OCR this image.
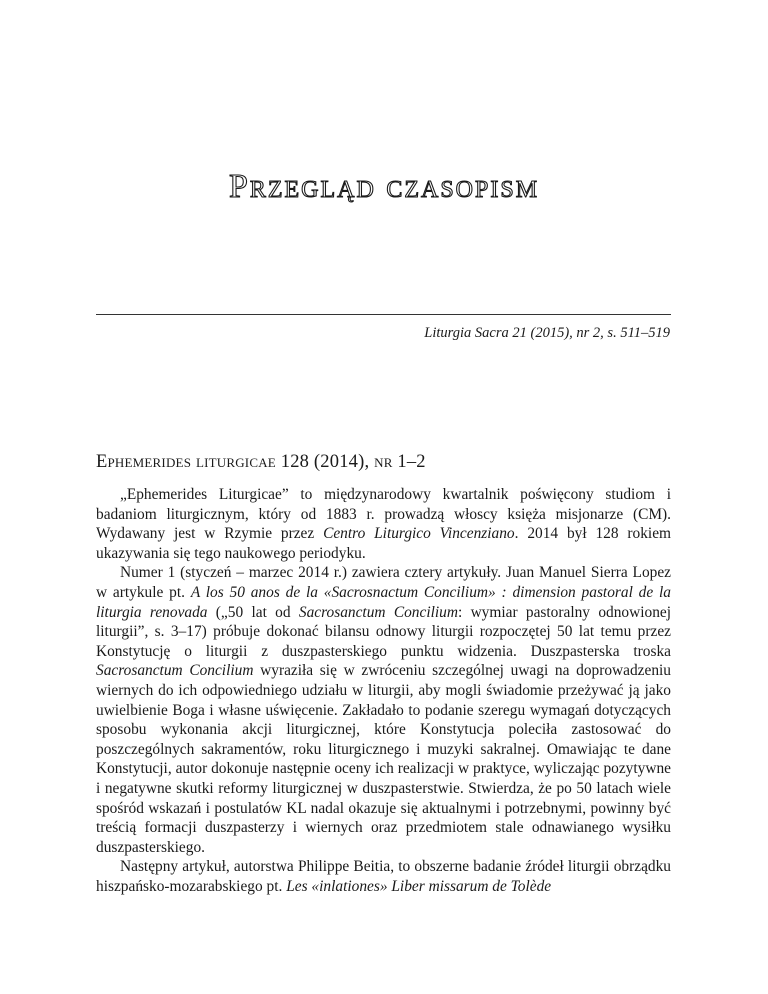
Przegląd czasopism
Liturgia Sacra 21 (2015), nr 2, s. 511–519
Ephemerides liturgicae 128 (2014), nr 1–2

„Ephemerides Liturgicae” to międzynarodowy kwartalnik poświęcony studiom i badaniom liturgicznym, który od 1883 r. prowadzą włoscy księża misjonarze (CM). Wydawany jest w Rzymie przez Centro Liturgico Vincenziano. 2014 był 128 rokiem ukazywania się tego naukowego periodyku.

Numer 1 (styczeń – marzec 2014 r.) zawiera cztery artykuły. Juan Manuel Sierra Lopez w artykule pt. A los 50 anos de la «Sacrosnactum Concilium» : dimension pastoral de la liturgia renovada („50 lat od Sacrosanctum Concilium: wymiar pastoralny odnowionej liturgii”, s. 3–17) próbuje dokonać bilansu odnowy liturgii rozpoczętej 50 lat temu przez Konstytucję o liturgii z duszpasterskiego punktu widzenia. Duszpasterska troska Sacrosanctum Concilium wyraziła się w zwróceniu szczególnej uwagi na doprowadzeniu wiernych do ich odpowiedniego udziału w liturgii, aby mogli świadomie przeżywać ją jako uwielbienie Boga i własne uświęcenie. Zakładało to podanie szeregu wymagań dotyczących sposobu wykonania akcji liturgicznej, które Konstytucja poleciła zastosować do poszczególnych sakramentów, roku liturgicznego i muzyki sakralnej. Omawiając te dane Konstytucji, autor dokonuje następnie oceny ich realizacji w praktyce, wyliczając pozytywne i negatywne skutki reformy liturgicznej w duszpasterstwie. Stwierdza, że po 50 latach wiele spośród wskazań i postulatów KL nadal okazuje się aktualnymi i potrzebnymi, powinny być treścią formacji duszpasterzy i wiernych oraz przedmiotem stale odnawianego wysiłku duszpasterskiego.

Następny artykuł, autorstwa Philippe Beitia, to obszerne badanie źródeł liturgii obrządku hiszpańsko-mozarabskiego pt. Les «inlationes» Liber missarum de Tolède
